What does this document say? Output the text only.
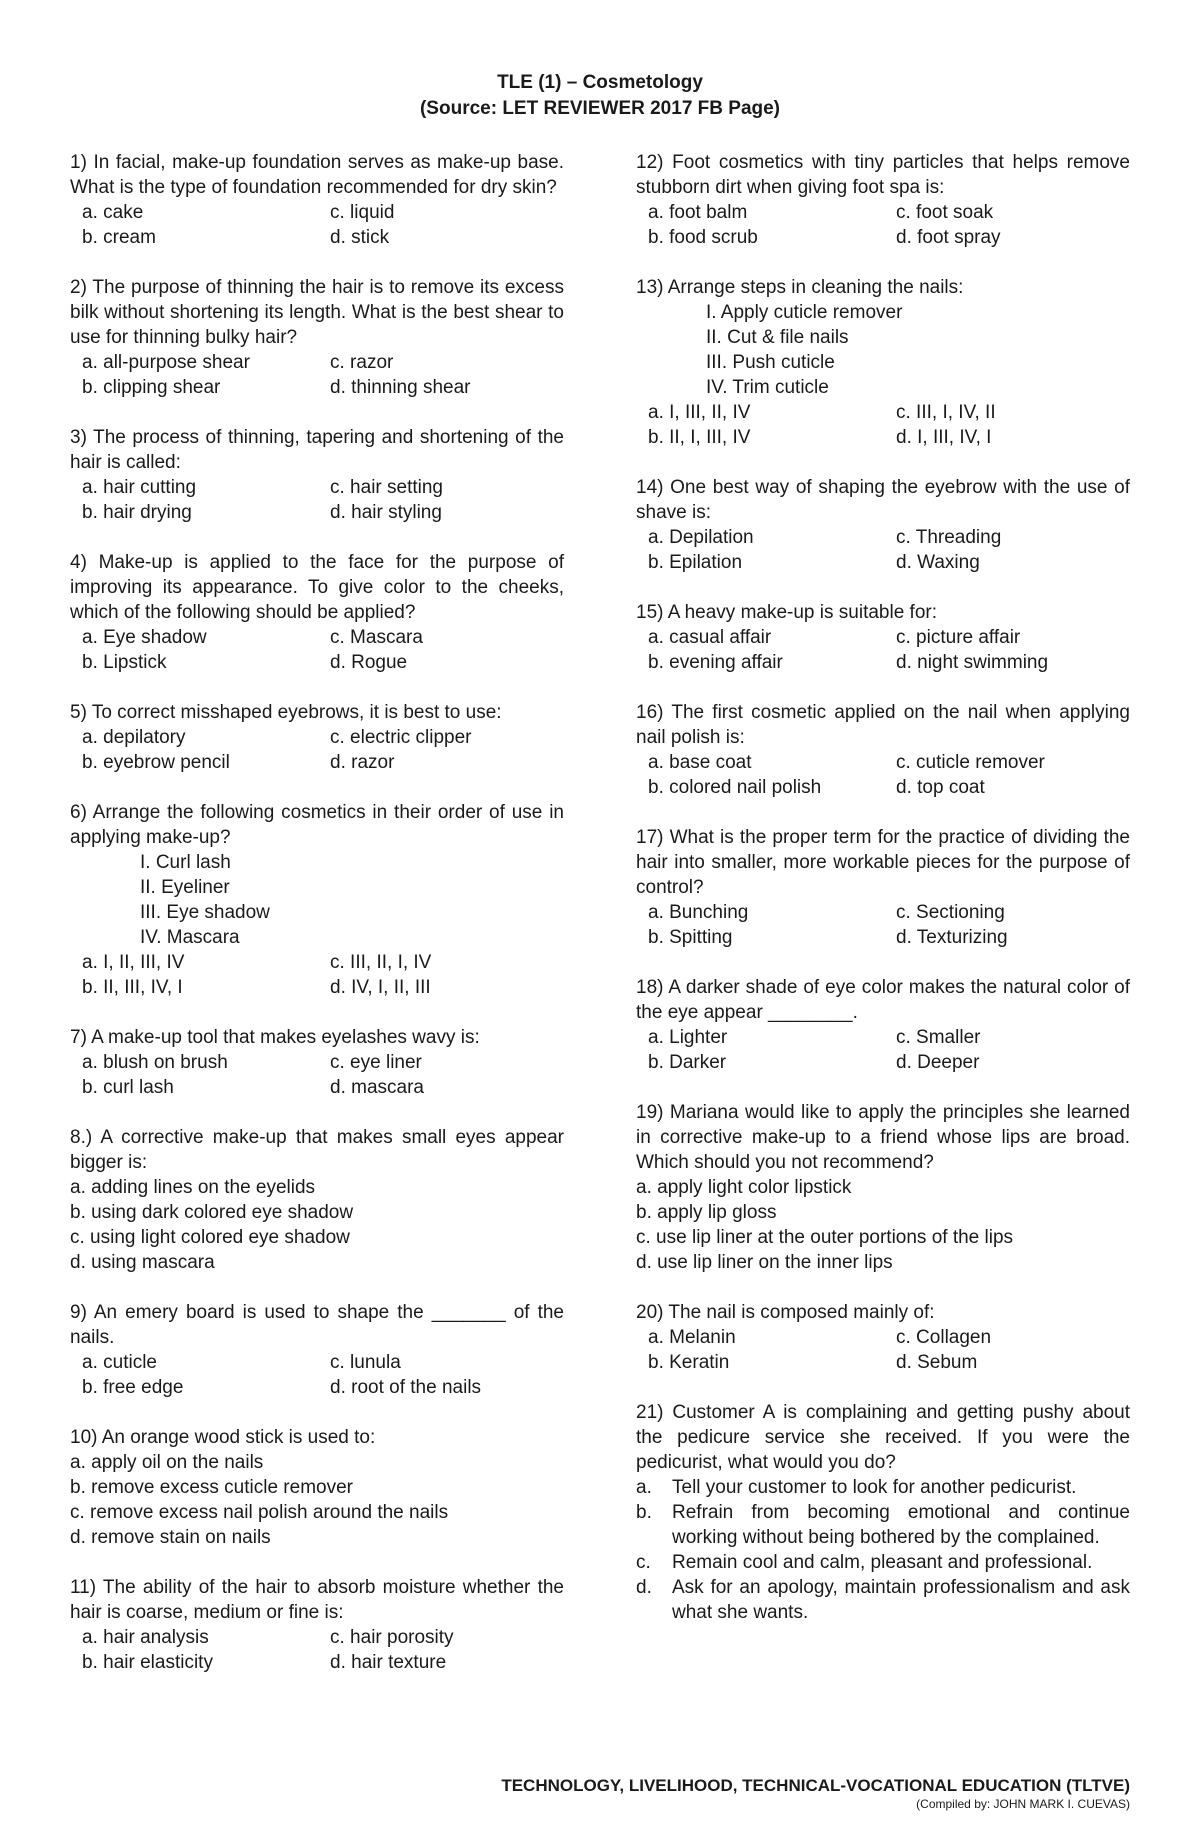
TLE (1) – Cosmetology
(Source: LET REVIEWER 2017 FB Page)
1) In facial, make-up foundation serves as make-up base. What is the type of foundation recommended for dry skin?
a. cake	c. liquid
b. cream	d. stick
2) The purpose of thinning the hair is to remove its excess bilk without shortening its length. What is the best shear to use for thinning bulky hair?
a. all-purpose shear	c. razor
b. clipping shear	d. thinning shear
3) The process of thinning, tapering and shortening of the hair is called:
a. hair cutting	c. hair setting
b. hair drying	d. hair styling
4) Make-up is applied to the face for the purpose of improving its appearance. To give color to the cheeks, which of the following should be applied?
a. Eye shadow	c. Mascara
b. Lipstick	d. Rogue
5) To correct misshaped eyebrows, it is best to use:
a. depilatory	c. electric clipper
b. eyebrow pencil	d. razor
6) Arrange the following cosmetics in their order of use in applying make-up?
I. Curl lash
II. Eyeliner
III. Eye shadow
IV. Mascara
a. I, II, III, IV	c. III, II, I, IV
b. II, III, IV, I	d. IV, I, II, III
7) A make-up tool that makes eyelashes wavy is:
a. blush on brush	c. eye liner
b. curl lash	d. mascara
8.) A corrective make-up that makes small eyes appear bigger is:
a. adding lines on the eyelids
b. using dark colored eye shadow
c. using light colored eye shadow
d. using mascara
9) An emery board is used to shape the _______ of the nails.
a. cuticle	c. lunula
b. free edge	d. root of the nails
10) An orange wood stick is used to:
a. apply oil on the nails
b. remove excess cuticle remover
c. remove excess nail polish around the nails
d. remove stain on nails
11) The ability of the hair to absorb moisture whether the hair is coarse, medium or fine is:
a. hair analysis	c. hair porosity
b. hair elasticity	d. hair texture
12) Foot cosmetics with tiny particles that helps remove stubborn dirt when giving foot spa is:
a. foot balm	c. foot soak
b. food scrub	d. foot spray
13) Arrange steps in cleaning the nails:
I. Apply cuticle remover
II. Cut & file nails
III. Push cuticle
IV. Trim cuticle
a. I, III, II, IV	c. III, I, IV, II
b. II, I, III, IV	d. I, III, IV, I
14) One best way of shaping the eyebrow with the use of shave is:
a. Depilation	c. Threading
b. Epilation	d. Waxing
15) A heavy make-up is suitable for:
a. casual affair	c. picture affair
b. evening affair	d. night swimming
16) The first cosmetic applied on the nail when applying nail polish is:
a. base coat	c. cuticle remover
b. colored nail polish	d. top coat
17) What is the proper term for the practice of dividing the hair into smaller, more workable pieces for the purpose of control?
a. Bunching	c. Sectioning
b. Spitting	d. Texturizing
18) A darker shade of eye color makes the natural color of the eye appear ________.
a. Lighter	c. Smaller
b. Darker	d. Deeper
19) Mariana would like to apply the principles she learned in corrective make-up to a friend whose lips are broad. Which should you not recommend?
a. apply light color lipstick
b. apply lip gloss
c. use lip liner at the outer portions of the lips
d. use lip liner on the inner lips
20) The nail is composed mainly of:
a. Melanin	c. Collagen
b. Keratin	d. Sebum
21) Customer A is complaining and getting pushy about the pedicure service she received. If you were the pedicurist, what would you do?
a.	Tell your customer to look for another pedicurist.
b.	Refrain from becoming emotional and continue working without being bothered by the complained.
c.	Remain cool and calm, pleasant and professional.
d.	Ask for an apology, maintain professionalism and ask what she wants.
TECHNOLOGY, LIVELIHOOD, TECHNICAL-VOCATIONAL EDUCATION (TLTVE)
(Compiled by: JOHN MARK I. CUEVAS)
